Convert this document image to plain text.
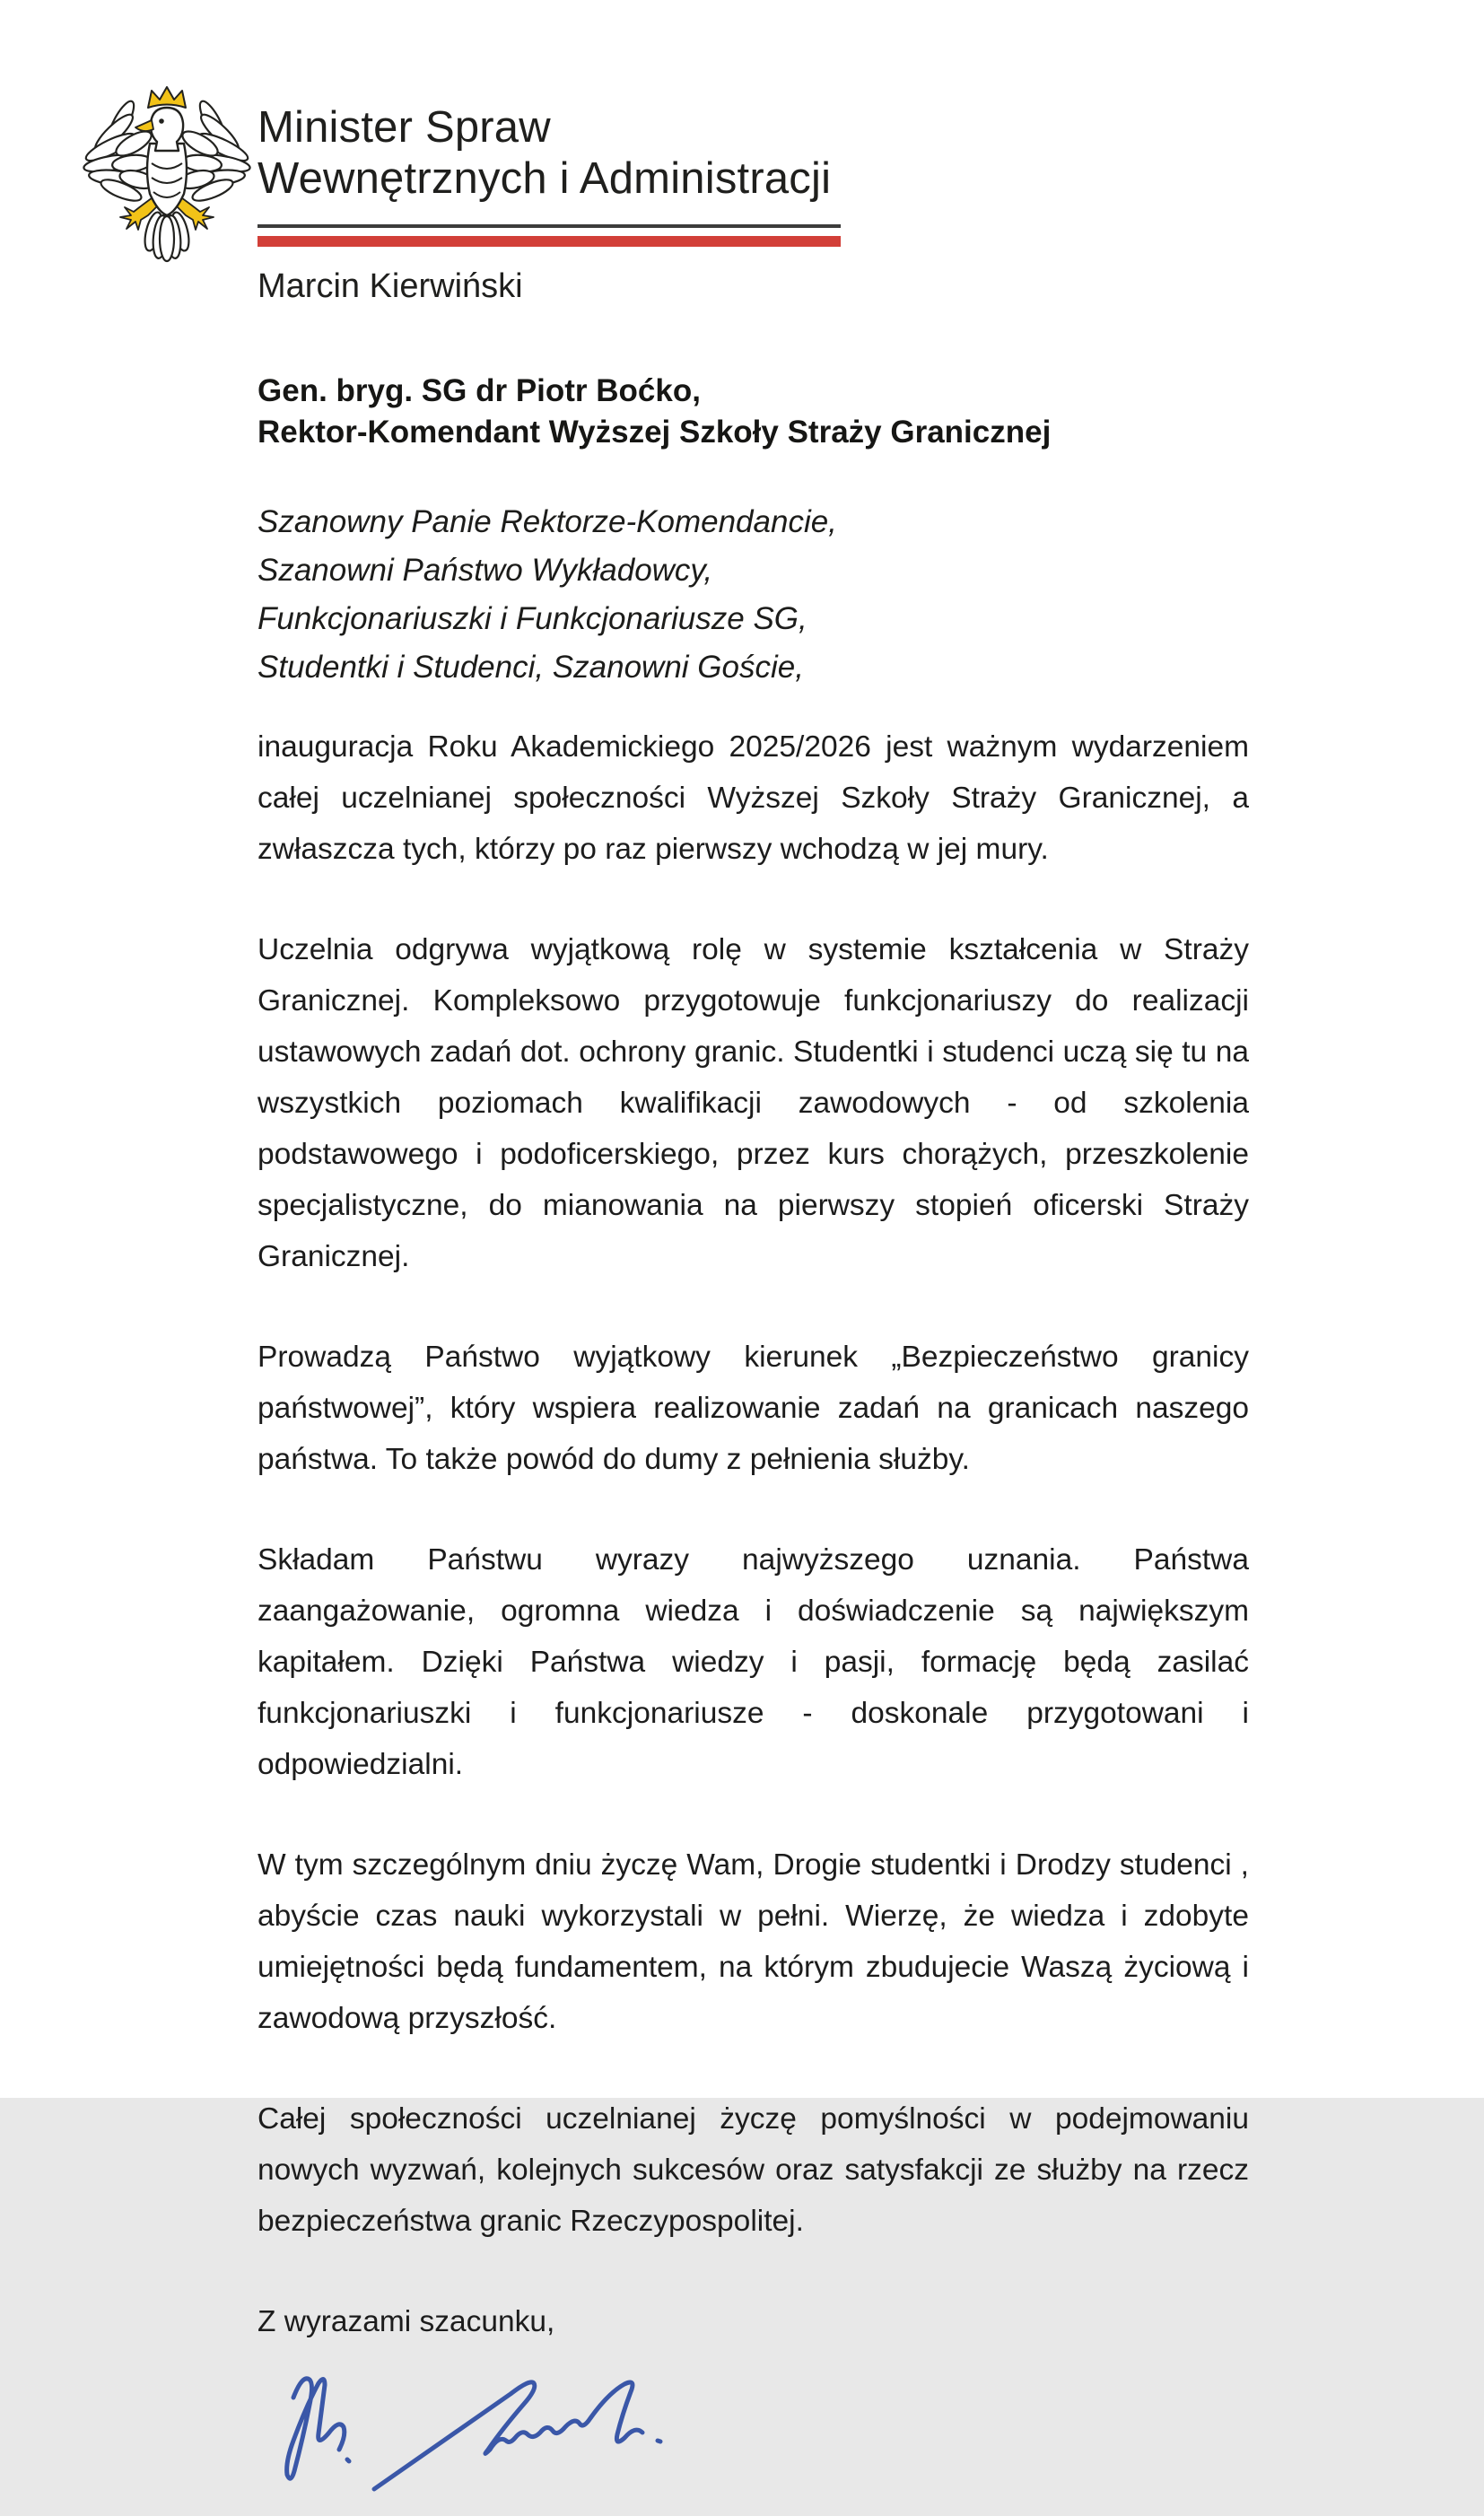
Minister Spraw
Wewnętrznych i Administracji
Marcin Kierwiński
Gen. bryg. SG dr Piotr Boćko,
Rektor-Komendant Wyższej Szkoły Straży Granicznej
Szanowny Panie Rektorze-Komendancie,
Szanowni Państwo Wykładowcy,
Funkcjonariuszki i Funkcjonariusze SG,
Studentki i Studenci, Szanowni Goście,

inauguracja Roku Akademickiego 2025/2026 jest ważnym wydarzeniem całej uczelnianej społeczności Wyższej Szkoły Straży Granicznej, a zwłaszcza tych, którzy po raz pierwszy wchodzą w jej mury.

Uczelnia odgrywa wyjątkową rolę w systemie kształcenia w Straży Granicznej. Kompleksowo przygotowuje funkcjonariuszy do realizacji ustawowych zadań dot. ochrony granic. Studentki i studenci uczą się tu na wszystkich poziomach kwalifikacji zawodowych - od szkolenia podstawowego i podoficerskiego, przez kurs chorążych, przeszkolenie specjalistyczne, do mianowania na pierwszy stopień oficerski Straży Granicznej.

Prowadzą Państwo wyjątkowy kierunek „Bezpieczeństwo granicy państwowej”, który wspiera realizowanie zadań na granicach naszego państwa. To także powód do dumy z pełnienia służby.

Składam Państwu wyrazy najwyższego uznania. Państwa zaangażowanie, ogromna wiedza i doświadczenie są największym kapitałem. Dzięki Państwa wiedzy i pasji, formację będą zasilać funkcjonariuszki i funkcjonariusze - doskonale przygotowani i odpowiedzialni.

W tym szczególnym dniu życzę Wam, Drogie studentki i Drodzy studenci , abyście czas nauki wykorzystali w pełni. Wierzę, że wiedza i zdobyte umiejętności będą fundamentem, na którym zbudujecie Waszą życiową i zawodową przyszłość.

Całej społeczności uczelnianej życzę pomyślności w podejmowaniu nowych wyzwań, kolejnych sukcesów oraz satysfakcji ze służby na rzecz bezpieczeństwa granic Rzeczypospolitej.

Z wyrazami szacunku,
